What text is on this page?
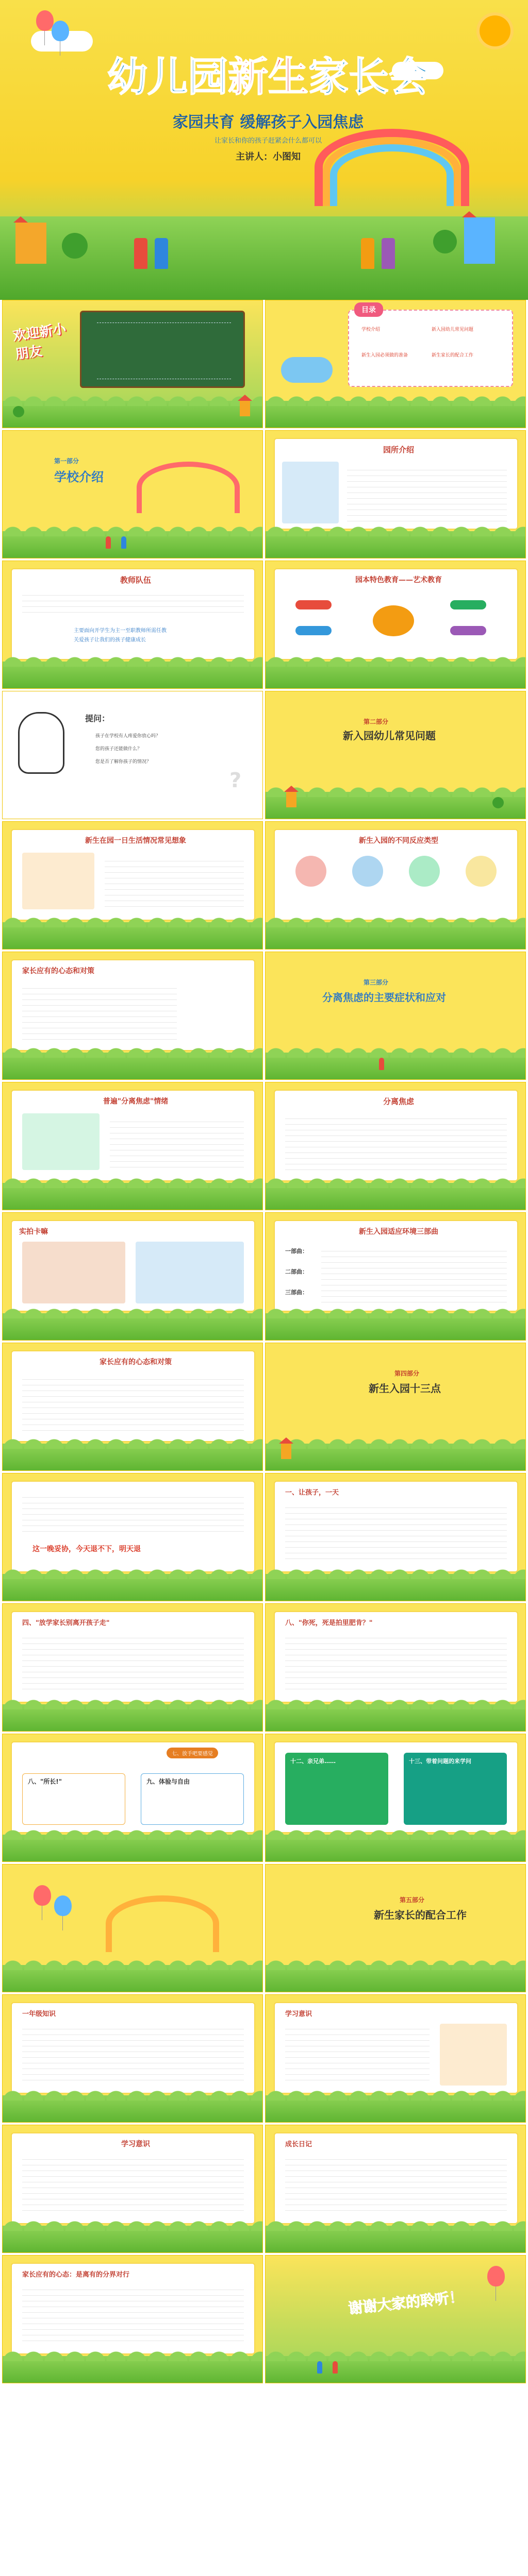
幼儿园新生家长会
家园共育 缓解孩子入园焦虑
让家长和你的孩子赶紧会什么都可以
主讲人：小图知
欢迎新小朋友
目录
学校介绍	新入园幼儿常见问题
新生入园必须做的准备	新生家长的配合工作
第一部分
学校介绍
园所介绍
教师队伍
主要面向开学生为主一至职教师所需任教
关爱孩子让我们的孩子健康成长
园本特色教育——艺术教育
提问：
孩子在学校有人疼爱你放心吗？
您的孩子还能做什么？
您是否了解你孩子的情况？
?
第二部分
新入园幼儿常见问题
新生在园一日生活情况常见想象	新生入园的不同反应类型
家长应有的心态和对策
第三部分
分离焦虑的主要症状和应对
普遍"分离焦虑"情绪	分离焦虑
实拍卡嘛	新生入园适应环境三部曲
一部曲：
二部曲：
三部曲：
家长应有的心态和对策
第四部分
新生入园十三点
这一晚妥协，今天退不下，明天退
一、让孩子，一天
四、"放学家长别离开孩子走"	八、"你死，死是拍里肥肯？"
七、放手吧要感觉
八、"所长!"	九、体验与自由
十二、亲兄弟……	十三、带着问题的来学问
第五部分
新生家长的配合工作
一年级知识	学习意识
学习意识	成长日记
家长应有的心态：是离有的分界对行
谢谢大家的聆听！
